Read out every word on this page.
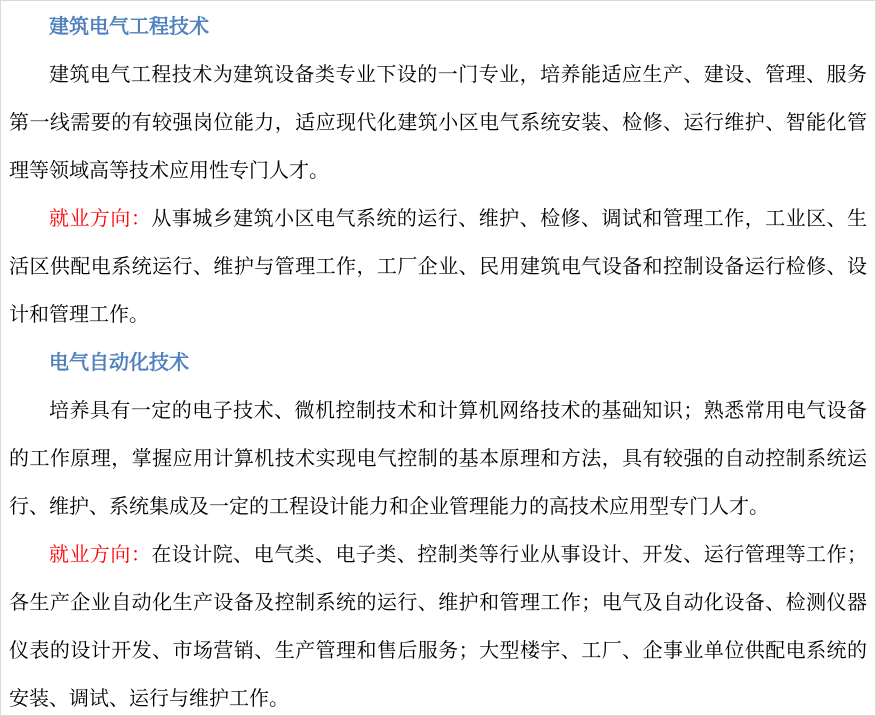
建筑电气工程技术

建筑电气工程技术为建筑设备类专业下设的一门专业，培养能适应生产、建设、管理、服务第一线需要的有较强岗位能力，适应现代化建筑小区电气系统安装、检修、运行维护、智能化管理等领域高等技术应用性专门人才。

就业方向：从事城乡建筑小区电气系统的运行、维护、检修、调试和管理工作，工业区、生活区供配电系统运行、维护与管理工作，工厂企业、民用建筑电气设备和控制设备运行检修、设计和管理工作。

电气自动化技术

培养具有一定的电子技术、微机控制技术和计算机网络技术的基础知识；熟悉常用电气设备的工作原理，掌握应用计算机技术实现电气控制的基本原理和方法，具有较强的自动控制系统运行、维护、系统集成及一定的工程设计能力和企业管理能力的高技术应用型专门人才。

就业方向：在设计院、电气类、电子类、控制类等行业从事设计、开发、运行管理等工作；各生产企业自动化生产设备及控制系统的运行、维护和管理工作；电气及自动化设备、检测仪器仪表的设计开发、市场营销、生产管理和售后服务；大型楼宇、工厂、企事业单位供配电系统的安装、调试、运行与维护工作。
